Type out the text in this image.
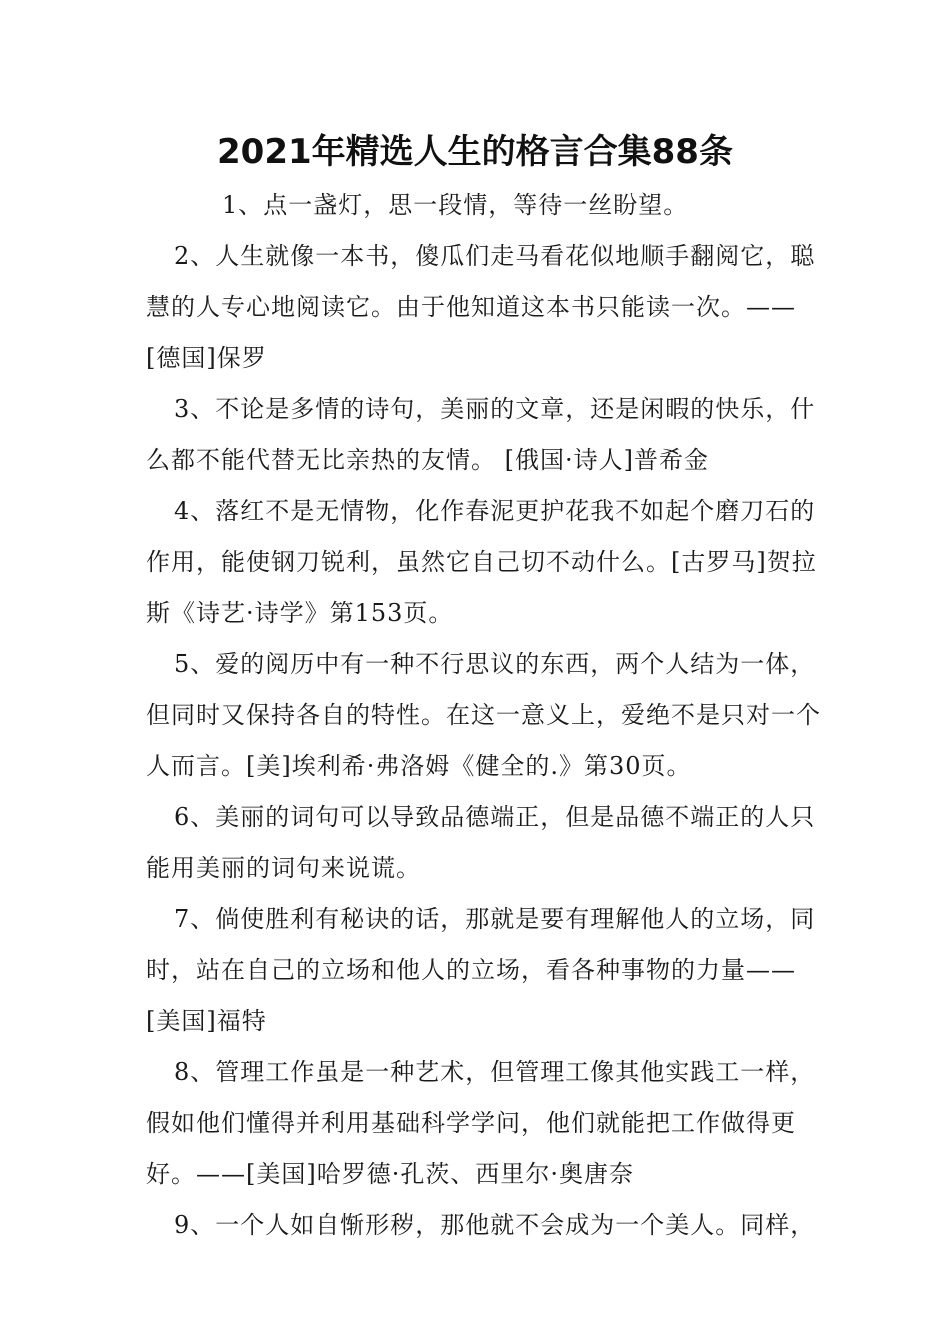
2021年精选人生的格言合集88条

1、点一盏灯，思一段情，等待一丝盼望。

2、人生就像一本书，傻瓜们走马看花似地顺手翻阅它，聪慧的人专心地阅读它。由于他知道这本书只能读一次。——[德国]保罗

3、不论是多情的诗句，美丽的文章，还是闲暇的快乐，什么都不能代替无比亲热的友情。 [俄国·诗人]普希金

4、落红不是无情物，化作春泥更护花我不如起个磨刀石的作用，能使钢刀锐利，虽然它自己切不动什么。[古罗马]贺拉斯《诗艺·诗学》第153页。

5、爱的阅历中有一种不行思议的东西，两个人结为一体，但同时又保持各自的特性。在这一意义上，爱绝不是只对一个人而言。[美]埃利希·弗洛姆《健全的.》第30页。

6、美丽的词句可以导致品德端正，但是品德不端正的人只能用美丽的词句来说谎。

7、倘使胜利有秘诀的话，那就是要有理解他人的立场，同时，站在自己的立场和他人的立场，看各种事物的力量——[美国]福特

8、管理工作虽是一种艺术，但管理工像其他实践工一样，假如他们懂得并利用基础科学学问，他们就能把工作做得更好。——[美国]哈罗德·孔茨、西里尔·奥唐奈

9、一个人如自惭形秽，那他就不会成为一个美人。同样，
